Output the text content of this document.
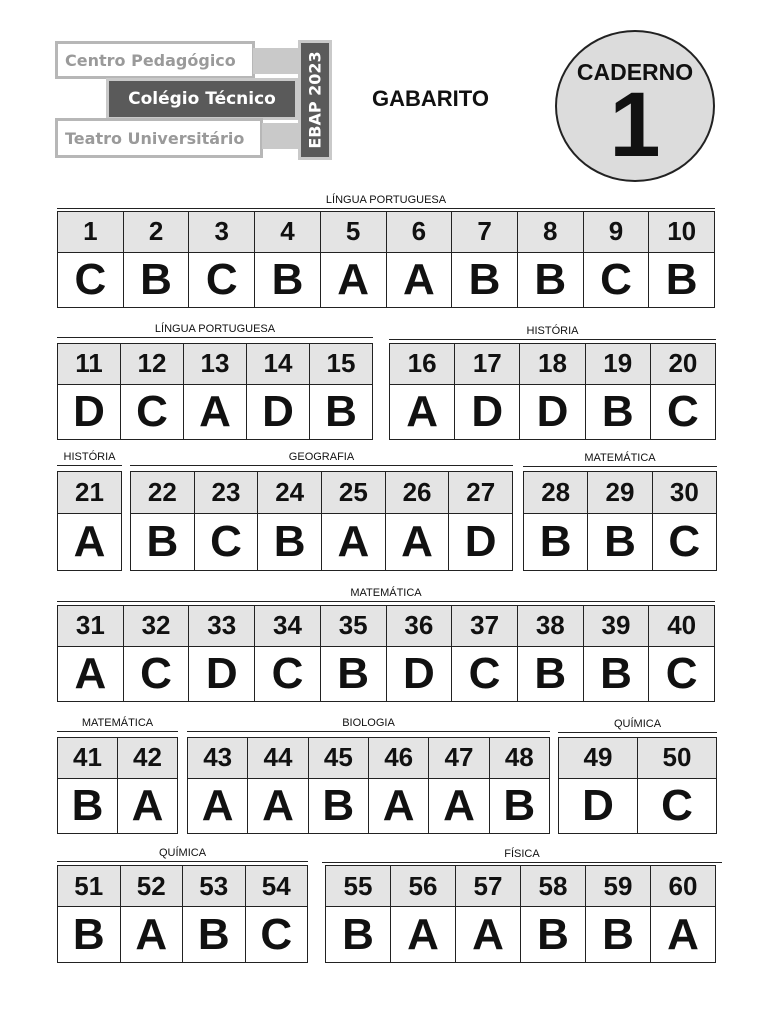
Centro Pedagógico
Colégio Técnico
Teatro Universitário	EBAP 2023 GABARITO
CADERNO
1
LÍNGUA PORTUGUESA
1
C
2
B
3
C
4
B
5
A
6
A
7
B
8
B
9
C
10
B
LÍNGUA PORTUGUESA
11
D
12
C
13
A
14
D
15
B
HISTÓRIA
16
A
17
D
18
D
19
B
20
C
HISTÓRIA
21
A
GEOGRAFIA
22
B
23
C
24
B
25
A
26
A
27
D
MATEMÁTICA
28
B
29
B
30
C
MATEMÁTICA
31
A
32
C
33
D
34
C
35
B
36
D
37
C
38
B
39
B
40
C
MATEMÁTICA
41
B
42
A
BIOLOGIA
43
A
44
A
45
B
46
A
47
A
48
B
QUÍMICA
49
D
50
C
QUÍMICA
51
B
52
A
53
B
54
C
FÍSICA
55
B
56
A
57
A
58
B
59
B
60
A
